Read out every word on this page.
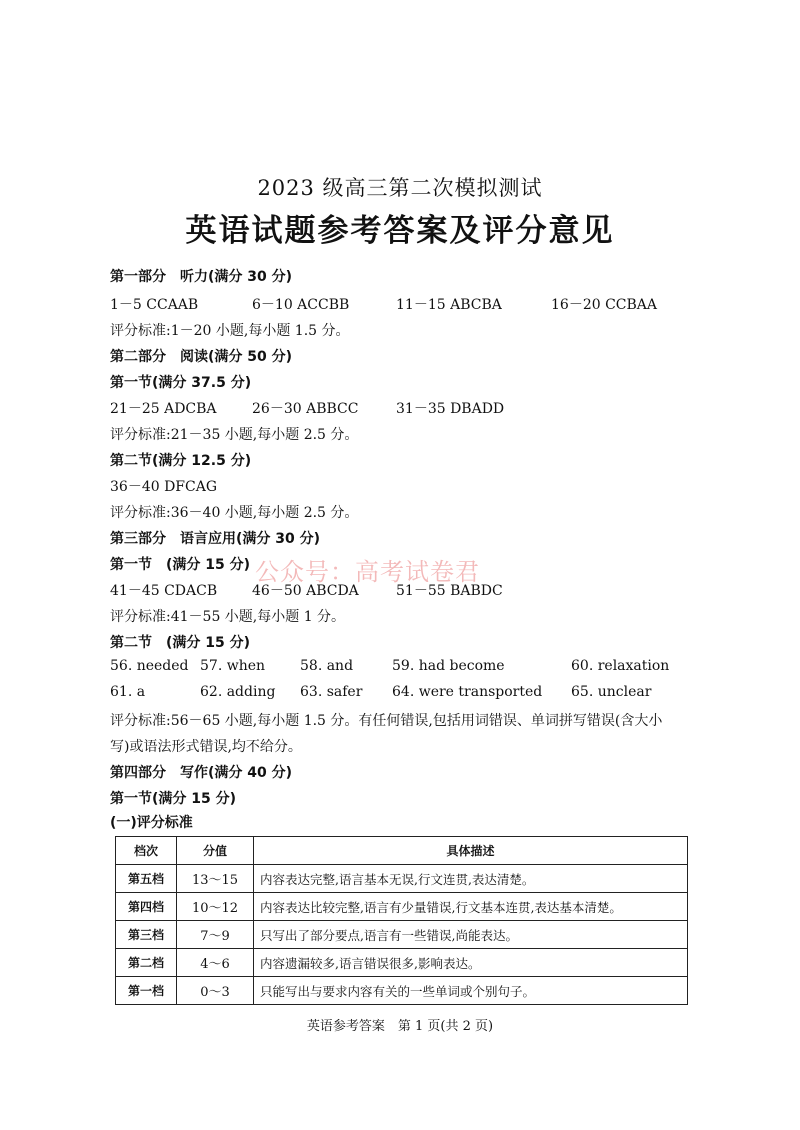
2023 级高三第二次模拟测试
英语试题参考答案及评分意见
第一部分　听力(满分 30 分)
1－5 CCAAB	6－10 ACCBB	11－15 ABCBA	16－20 CCBAA
评分标准:1－20 小题,每小题 1.5 分。
第二部分　阅读(满分 50 分)
第一节(满分 37.5 分)
21－25 ADCBA	26－30 ABBCC	31－35 DBADD
评分标准:21－35 小题,每小题 2.5 分。
第二节(满分 12.5 分)
36－40 DFCAG
评分标准:36－40 小题,每小题 2.5 分。
第三部分　语言应用(满分 30 分)
第一节　(满分 15 分) 公众号：高考试卷君
41－45 CDACB 46－50 ABCDA	51－55 BABDC
评分标准:41－55 小题,每小题 1 分。
第二节　(满分 15 分)
56. needed 57. when 58. and	59. had become	60. relaxation
61. a	62. adding 63. safer 64. were transported 65. unclear
评分标准:56－65 小题,每小题 1.5 分。有任何错误,包括用词错误、单词拼写错误(含大小
写)或语法形式错误,均不给分。
第四部分　写作(满分 40 分)
第一节(满分 15 分)
(一)评分标准
档次	分值	具体描述
第五档	13～15	内容表达完整,语言基本无误,行文连贯,表达清楚。
第四档	10～12	内容表达比较完整,语言有少量错误,行文基本连贯,表达基本清楚。
第三档	7～9	只写出了部分要点,语言有一些错误,尚能表达。
第二档	4～6	内容遗漏较多,语言错误很多,影响表达。
第一档	0～3	只能写出与要求内容有关的一些单词或个别句子。
英语参考答案　第 1 页(共 2 页)
